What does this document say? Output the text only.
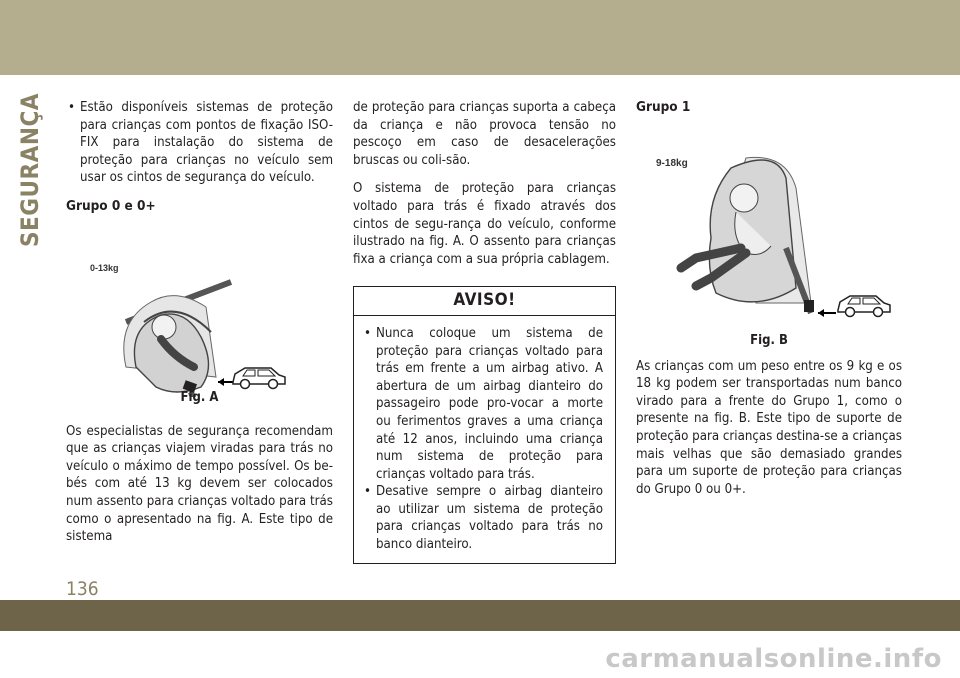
SEGURANÇA

•	Estão disponíveis sistemas de proteção para crianças com pontos de fixação ISO-FIX para instalação do sistema de proteção para crianças no veículo sem usar os cintos de segurança do veículo.

Grupo 0 e 0+

0-13kg

Fig. A

Os especialistas de segurança recomendam que as crianças viajem viradas para trás no veículo o máximo de tempo possível. Os be-bés com até 13 kg devem ser colocados num assento para crianças voltado para trás como o apresentado na fig. A. Este tipo de sistema

de proteção para crianças suporta a cabeça da criança e não provoca tensão no pescoço em caso de desacelerações bruscas ou coli-são.

O sistema de proteção para crianças voltado para trás é fixado através dos cintos de segu-rança do veículo, conforme ilustrado na fig. A. O assento para crianças fixa a criança com a sua própria cablagem.

AVISO!

• Nunca coloque um sistema de proteção para crianças voltado para trás em frente a um airbag ativo. A abertura de um airbag dianteiro do passageiro pode pro-vocar a morte ou ferimentos graves a uma criança até 12 anos, incluindo uma criança num sistema de proteção para crianças voltado para trás.

• Desative sempre o airbag dianteiro ao utilizar um sistema de proteção para crianças voltado para trás no banco dianteiro.

Grupo 1

9-18kg

Fig. B

As crianças com um peso entre os 9 kg e os 18 kg podem ser transportadas num banco virado para a frente do Grupo 1, como o presente na fig. B. Este tipo de suporte de proteção para crianças destina-se a crianças mais velhas que são demasiado grandes para um suporte de proteção para crianças do Grupo 0 ou 0+.

136
carmanualsonline.info
